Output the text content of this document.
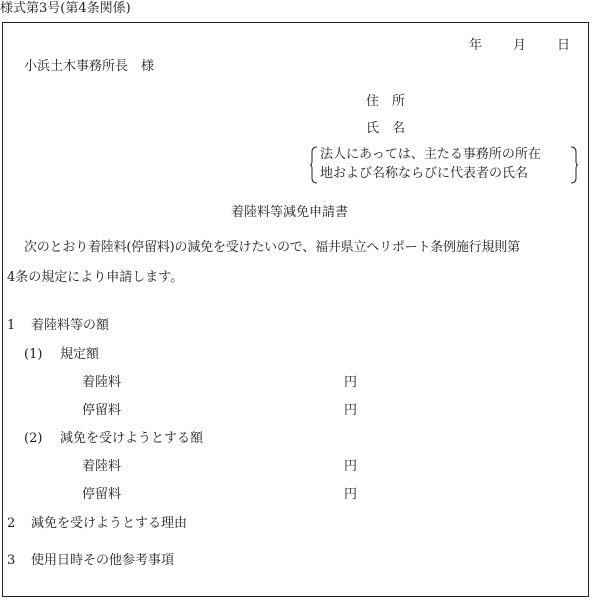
様式第3号(第4条関係)
年 月 日
小浜土木事務所長　様
住　所
氏　名
法人にあっては、主たる事務所の所在
地および名称ならびに代表者の氏名
着陸料等減免申請書
次のとおり着陸料(停留料)の減免を受けたいので、福井県立ヘリポート条例施行規則第
4条の規定により申請します。
1 着陸料等の額
(1) 規定額
着陸料	円
停留料	円
(2) 減免を受けようとする額
着陸料	円
停留料	円
2 減免を受けようとする理由
3 使用日時その他参考事項
